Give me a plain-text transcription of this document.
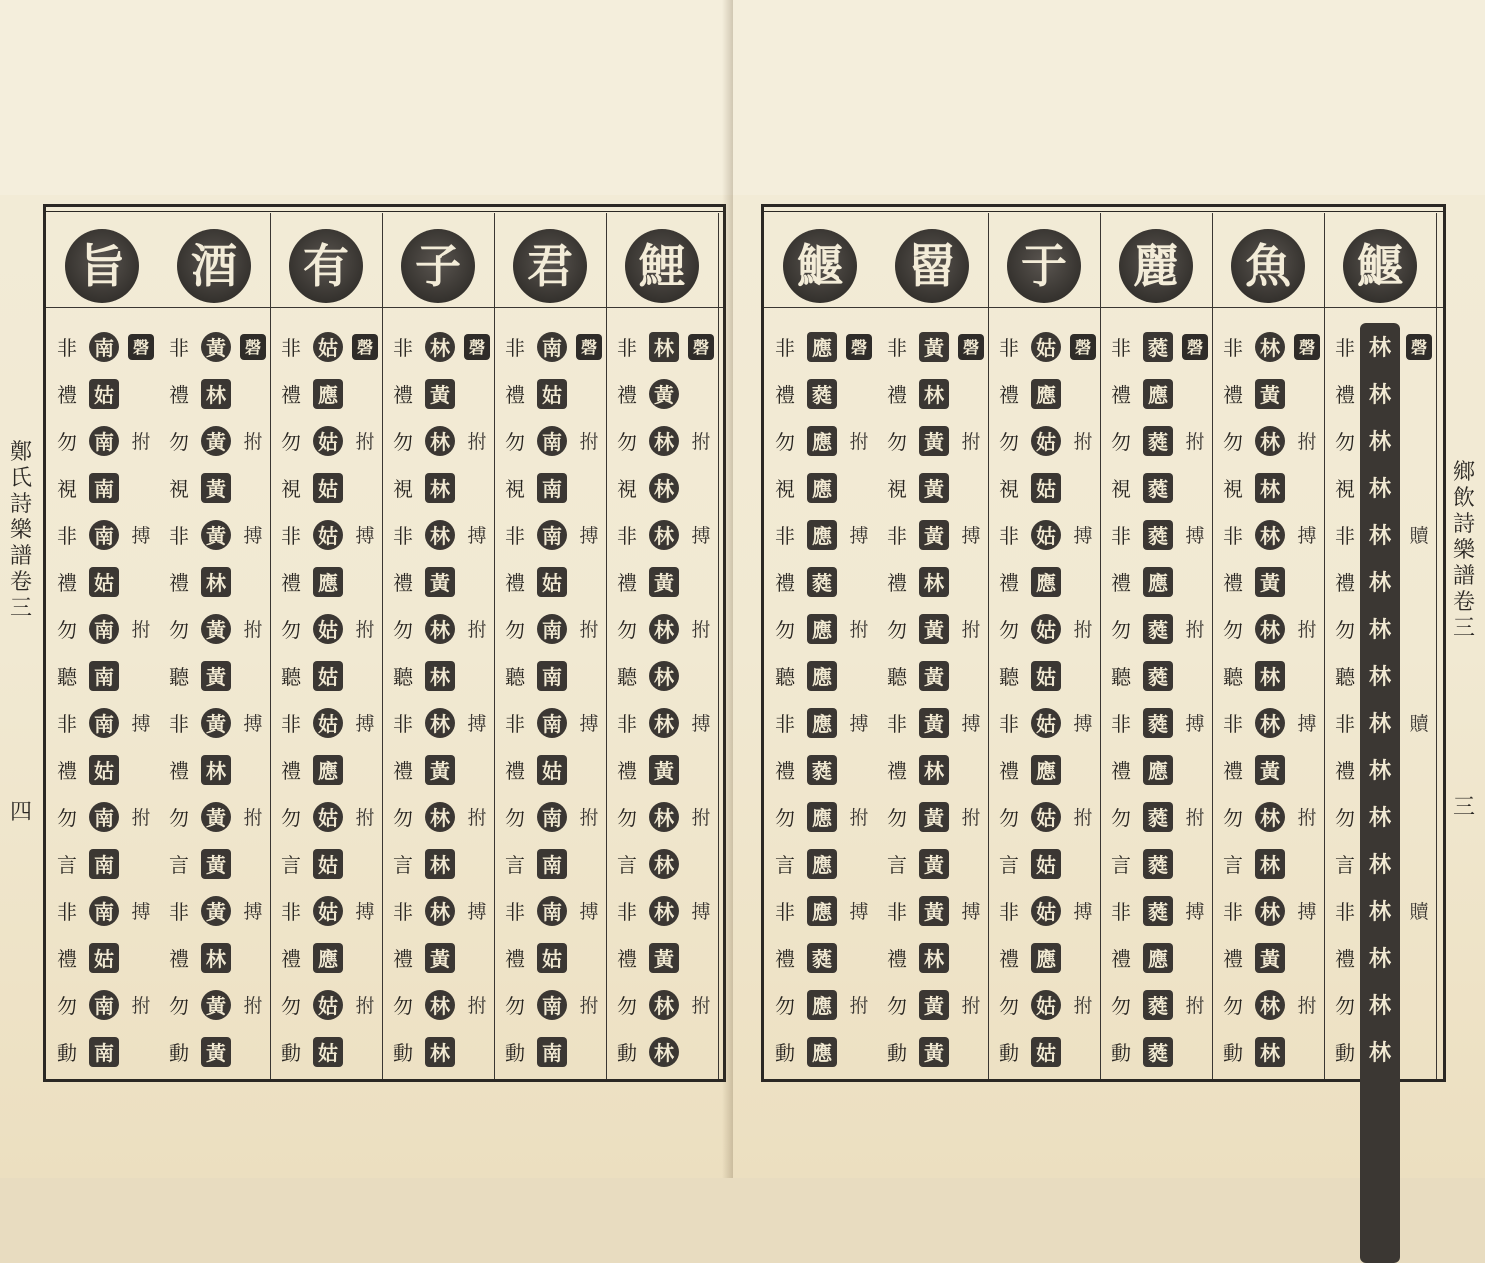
鄭
氏
詩
樂
譜
卷
三
四
鯉
非
禮
勿
視
非
禮
勿
聽
非
禮
勿
言
非
禮
勿
動
林
黃
林
林
林
黃
林
林
林
黃
林
林
林
黃
林
林
磬
拊
搏
拊
搏
拊
搏
拊
君
非
禮
勿
視
非
禮
勿
聽
非
禮
勿
言
非
禮
勿
動
南
姑
南
南
南
姑
南
南
南
姑
南
南
南
姑
南
南
磬
拊
搏
拊
搏
拊
搏
拊
子
非
禮
勿
視
非
禮
勿
聽
非
禮
勿
言
非
禮
勿
動
林
黃
林
林
林
黃
林
林
林
黃
林
林
林
黃
林
林
磬
拊
搏
拊
搏
拊
搏
拊
有
非
禮
勿
視
非
禮
勿
聽
非
禮
勿
言
非
禮
勿
動
姑
應
姑
姑
姑
應
姑
姑
姑
應
姑
姑
姑
應
姑
姑
磬
拊
搏
拊
搏
拊
搏
拊
酒
非
禮
勿
視
非
禮
勿
聽
非
禮
勿
言
非
禮
勿
動
黃
林
黃
黃
黃
林
黃
黃
黃
林
黃
黃
黃
林
黃
黃
磬
拊
搏
拊
搏
拊
搏
拊
旨
非
禮
勿
視
非
禮
勿
聽
非
禮
勿
言
非
禮
勿
動
南
姑
南
南
南
姑
南
南
南
姑
南
南
南
姑
南
南
磬
拊
搏
拊
搏
拊
搏
拊
鄉
飲
詩
樂
譜
卷
三
三
鰋
非
禮
勿
視
非
禮
勿
聽
非
禮
勿
言
非
禮
勿
動
林
林
林
林
林
林
林
林
林
林
林
林
林
林
林
林
磬
贖
贖
贖
魚
非
禮
勿
視
非
禮
勿
聽
非
禮
勿
言
非
禮
勿
動
林
黃
林
林
林
黃
林
林
林
黃
林
林
林
黃
林
林
磬
拊
搏
拊
搏
拊
搏
拊
麗
非
禮
勿
視
非
禮
勿
聽
非
禮
勿
言
非
禮
勿
動
蕤
應
蕤
蕤
蕤
應
蕤
蕤
蕤
應
蕤
蕤
蕤
應
蕤
蕤
磬
拊
搏
拊
搏
拊
搏
拊
于
非
禮
勿
視
非
禮
勿
聽
非
禮
勿
言
非
禮
勿
動
姑
應
姑
姑
姑
應
姑
姑
姑
應
姑
姑
姑
應
姑
姑
磬
拊
搏
拊
搏
拊
搏
拊
罶
非
禮
勿
視
非
禮
勿
聽
非
禮
勿
言
非
禮
勿
動
黃
林
黃
黃
黃
林
黃
黃
黃
林
黃
黃
黃
林
黃
黃
磬
拊
搏
拊
搏
拊
搏
拊
鰋
非
禮
勿
視
非
禮
勿
聽
非
禮
勿
言
非
禮
勿
動
應
蕤
應
應
應
蕤
應
應
應
蕤
應
應
應
蕤
應
應
磬
拊
搏
拊
搏
拊
搏
拊
